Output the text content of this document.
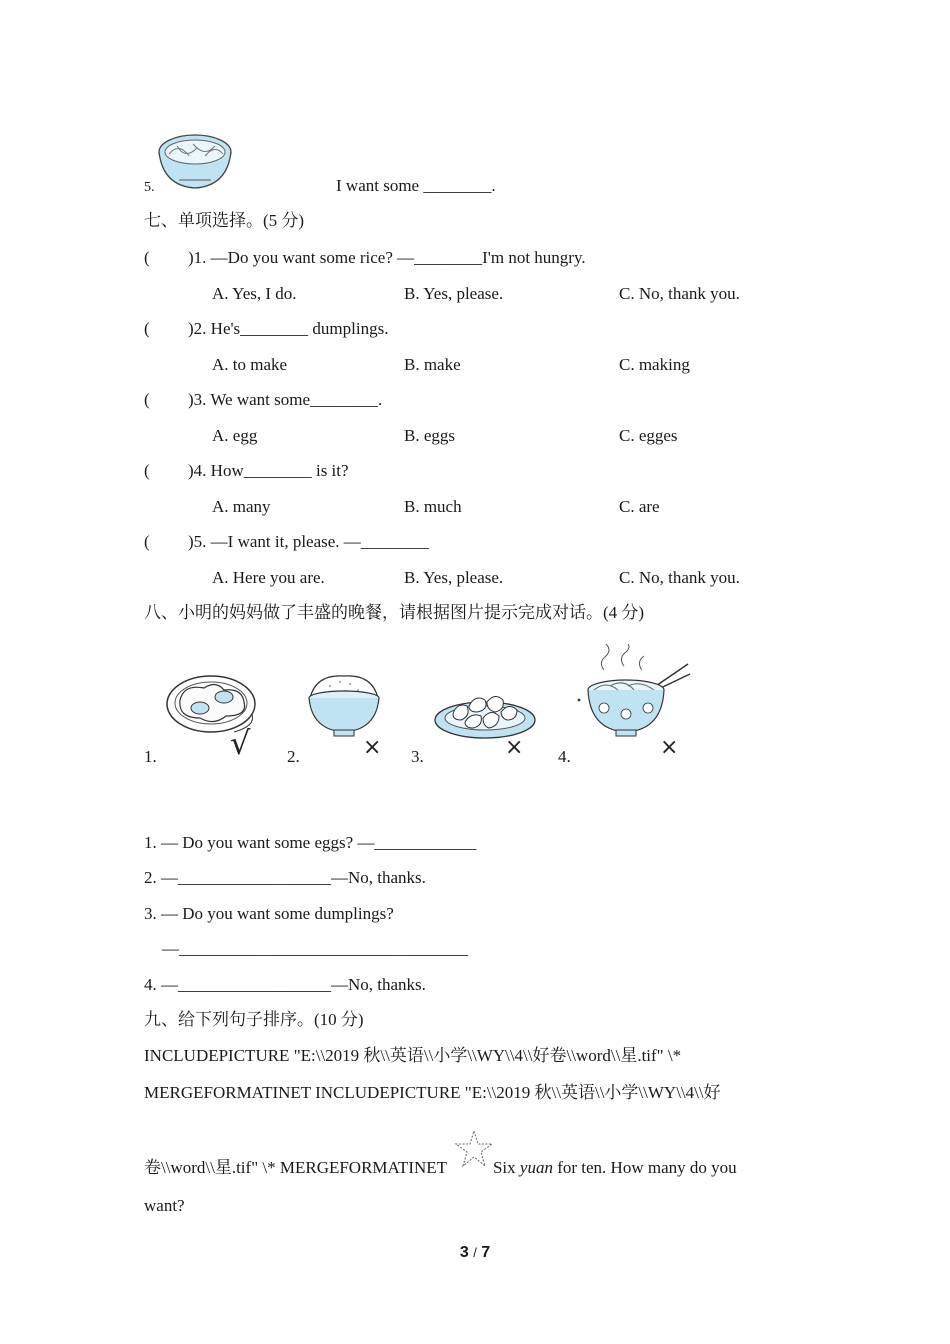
5.	I want some ________.
七、单项选择。(5 分)
( )1. —Do you want some rice? —________I'm not hungry.
A. Yes, I do.	B. Yes, please.	C. No, thank you.
( )2. He's________ dumplings.
A. to make	B. make	C. making
( )3. We want some________.
A. egg	B. eggs	C. egges
( )4. How________ is it?
A. many	B. much	C. are
( )5. —I want it, please. —________
A. Here you are.	B. Yes, please.	C. No, thank you.
八、小明的妈妈做了丰盛的晚餐，请根据图片提示完成对话。(4 分)
1. √ 2.	× 3.	× 4.	×
1. — Do you want some eggs? —____________
2. —__________________—No, thanks.
3. — Do you want some dumplings?
—__________________________________
4. —__________________—No, thanks.
九、给下列句子排序。(10 分)
INCLUDEPICTURE "E:\\2019 秋\\英语\\小学\\WY\\4\\好卷\\word\\星.tif" \*
MERGEFORMATINET INCLUDEPICTURE "E:\\2019 秋\\英语\\小学\\WY\\4\\好
卷\\word\\星.tif" \* MERGEFORMATINET	Six yuan for ten. How many do you
want?
3 / 7
